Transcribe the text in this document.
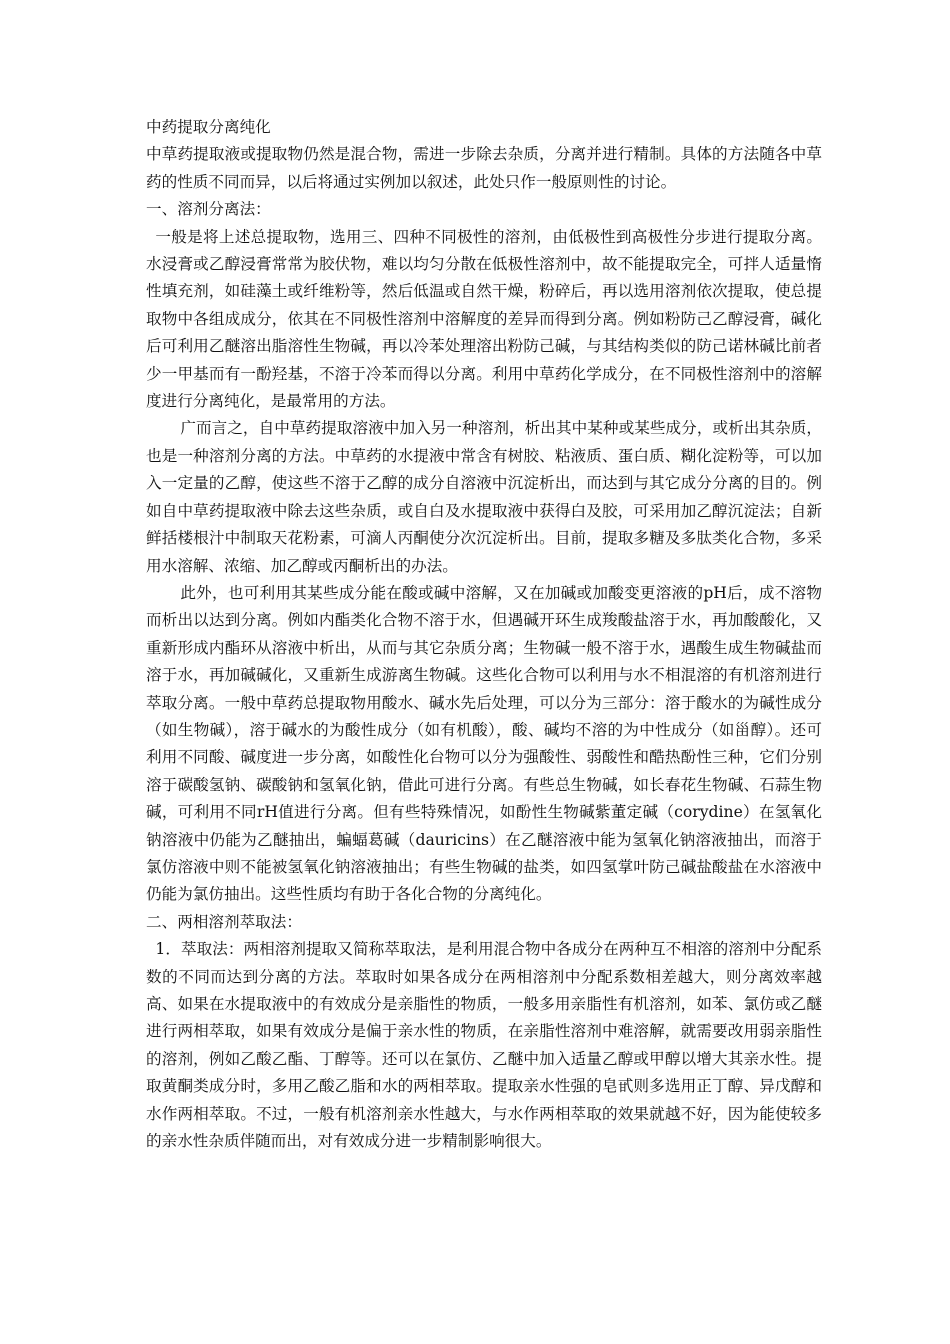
中药提取分离纯化

中草药提取液或提取物仍然是混合物，需进一步除去杂质，分离并进行精制。具体的方法随各中草药的性质不同而异，以后将通过实例加以叙述，此处只作一般原则性的讨论。

一、溶剂分离法：

一般是将上述总提取物，选用三、四种不同极性的溶剂，由低极性到高极性分步进行提取分离。水浸膏或乙醇浸膏常常为胶伏物，难以均匀分散在低极性溶剂中，故不能提取完全，可拌人适量惰性填充剂，如硅藻土或纤维粉等，然后低温或自然干燥，粉碎后，再以选用溶剂依次提取，使总提取物中各组成成分，依其在不同极性溶剂中溶解度的差异而得到分离。例如粉防己乙醇浸膏，碱化后可利用乙醚溶出脂溶性生物碱，再以冷苯处理溶出粉防己碱，与其结构类似的防己诺林碱比前者少一甲基而有一酚羟基，不溶于冷苯而得以分离。利用中草药化学成分，在不同极性溶剂中的溶解度进行分离纯化，是最常用的方法。

广而言之，自中草药提取溶液中加入另一种溶剂，析出其中某种或某些成分，或析出其杂质，也是一种溶剂分离的方法。中草药的水提液中常含有树胶、粘液质、蛋白质、糊化淀粉等，可以加入一定量的乙醇，使这些不溶于乙醇的成分自溶液中沉淀析出，而达到与其它成分分离的目的。例如自中草药提取液中除去这些杂质，或自白及水提取液中获得白及胶，可采用加乙醇沉淀法；自新鲜括楼根汁中制取天花粉素，可滴人丙酮使分次沉淀析出。目前，提取多糖及多肽类化合物，多采用水溶解、浓缩、加乙醇或丙酮析出的办法。

此外，也可利用其某些成分能在酸或碱中溶解，又在加碱或加酸变更溶液的pH后，成不溶物而析出以达到分离。例如内酯类化合物不溶于水，但遇碱开环生成羧酸盐溶于水，再加酸酸化，又重新形成内酯环从溶液中析出，从而与其它杂质分离；生物碱一般不溶于水，遇酸生成生物碱盐而溶于水，再加碱碱化，又重新生成游离生物碱。这些化合物可以利用与水不相混溶的有机溶剂进行萃取分离。一般中草药总提取物用酸水、碱水先后处理，可以分为三部分：溶于酸水的为碱性成分（如生物碱），溶于碱水的为酸性成分（如有机酸），酸、碱均不溶的为中性成分（如甾醇）。还可利用不同酸、碱度进一步分离，如酸性化台物可以分为强酸性、弱酸性和酷热酚性三种，它们分别溶于碳酸氢钠、碳酸钠和氢氧化钠，借此可进行分离。有些总生物碱，如长春花生物碱、石蒜生物碱，可利用不同rH值进行分离。但有些特殊情况，如酚性生物碱紫董定碱（corydine）在氢氧化钠溶液中仍能为乙醚抽出，蝙蝠葛碱（dauricins）在乙醚溶液中能为氢氧化钠溶液抽出，而溶于氯仿溶液中则不能被氢氧化钠溶液抽出；有些生物碱的盐类，如四氢掌叶防己碱盐酸盐在水溶液中仍能为氯仿抽出。这些性质均有助于各化合物的分离纯化。

二、两相溶剂萃取法：

1．萃取法：两相溶剂提取又简称萃取法，是利用混合物中各成分在两种互不相溶的溶剂中分配系数的不同而达到分离的方法。萃取时如果各成分在两相溶剂中分配系数相差越大，则分离效率越高、如果在水提取液中的有效成分是亲脂性的物质，一般多用亲脂性有机溶剂，如苯、氯仿或乙醚进行两相萃取，如果有效成分是偏于亲水性的物质，在亲脂性溶剂中难溶解，就需要改用弱亲脂性的溶剂，例如乙酸乙酯、丁醇等。还可以在氯仿、乙醚中加入适量乙醇或甲醇以增大其亲水性。提取黄酮类成分时，多用乙酸乙脂和水的两相萃取。提取亲水性强的皂甙则多选用正丁醇、异戊醇和水作两相萃取。不过，一般有机溶剂亲水性越大，与水作两相萃取的效果就越不好，因为能使较多的亲水性杂质伴随而出，对有效成分进一步精制影响很大。
